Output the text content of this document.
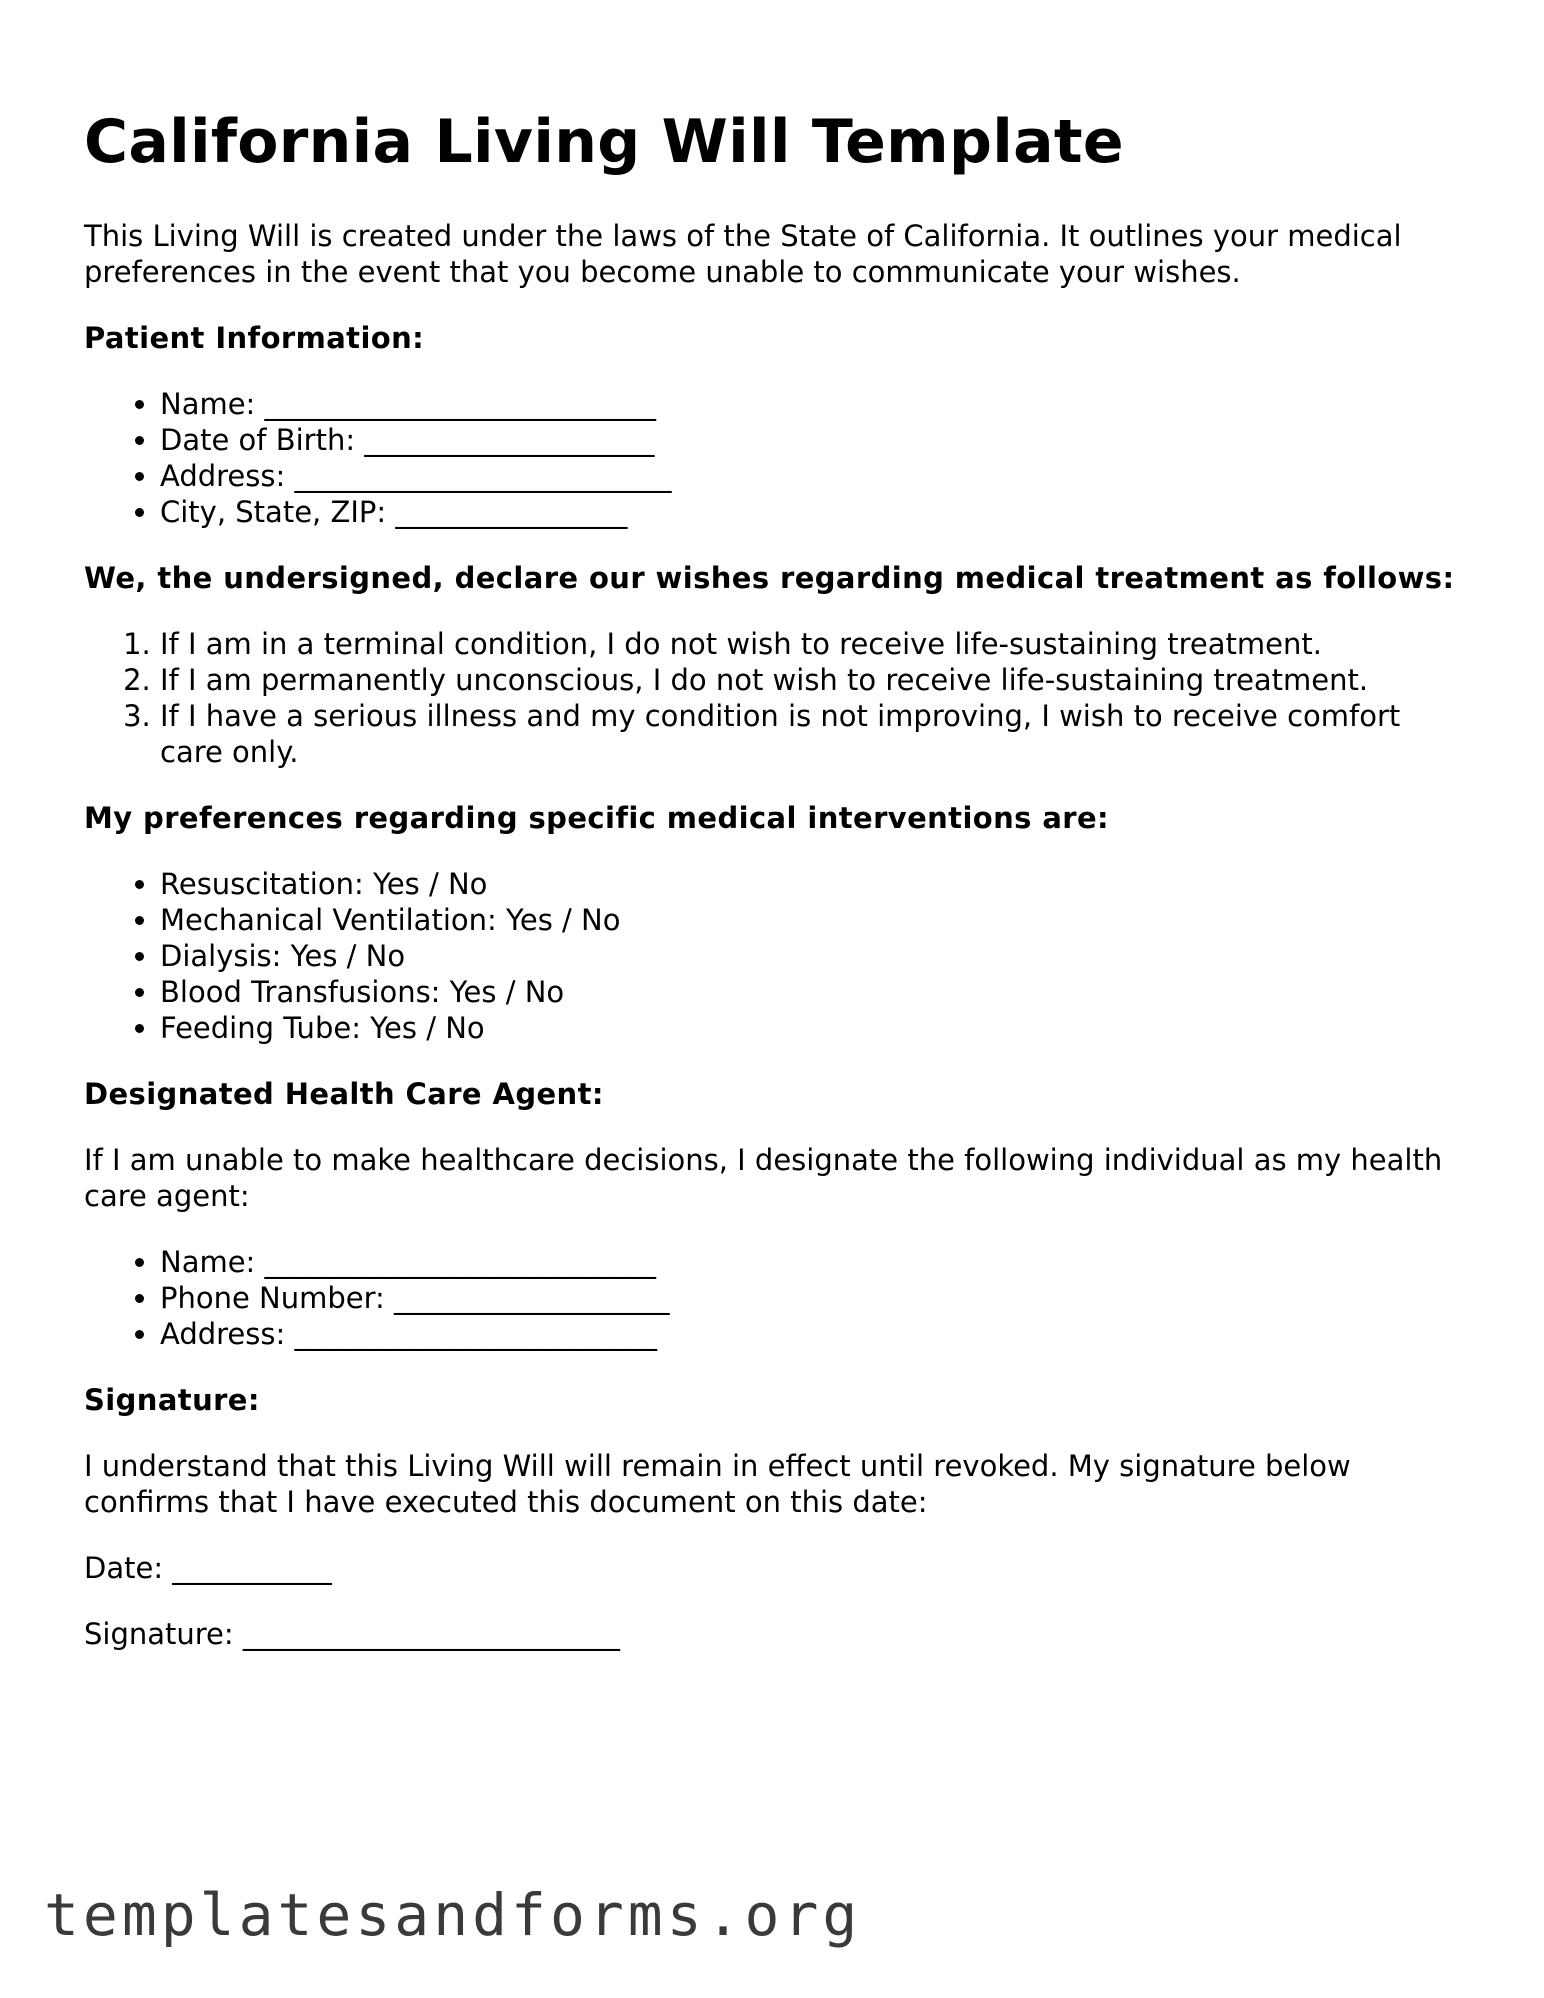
California Living Will Template

This Living Will is created under the laws of the State of California. It outlines your medical preferences in the event that you become unable to communicate your wishes.

Patient Information:

• Name: ___________________________
• Date of Birth: ____________________
• Address: __________________________
• City, State, ZIP: ________________

We, the undersigned, declare our wishes regarding medical treatment as follows:

1. If I am in a terminal condition, I do not wish to receive life-sustaining treatment.
2. If I am permanently unconscious, I do not wish to receive life-sustaining treatment.
3. If I have a serious illness and my condition is not improving, I wish to receive comfort care only.

My preferences regarding specific medical interventions are:

• Resuscitation: Yes / No
• Mechanical Ventilation: Yes / No
• Dialysis: Yes / No
• Blood Transfusions: Yes / No
• Feeding Tube: Yes / No

Designated Health Care Agent:

If I am unable to make healthcare decisions, I designate the following individual as my health care agent:

• Name: ___________________________
• Phone Number: ___________________
• Address: _________________________

Signature:

I understand that this Living Will will remain in effect until revoked. My signature below confirms that I have executed this document on this date:

Date: ___________

Signature: __________________________

templatesandforms.org
